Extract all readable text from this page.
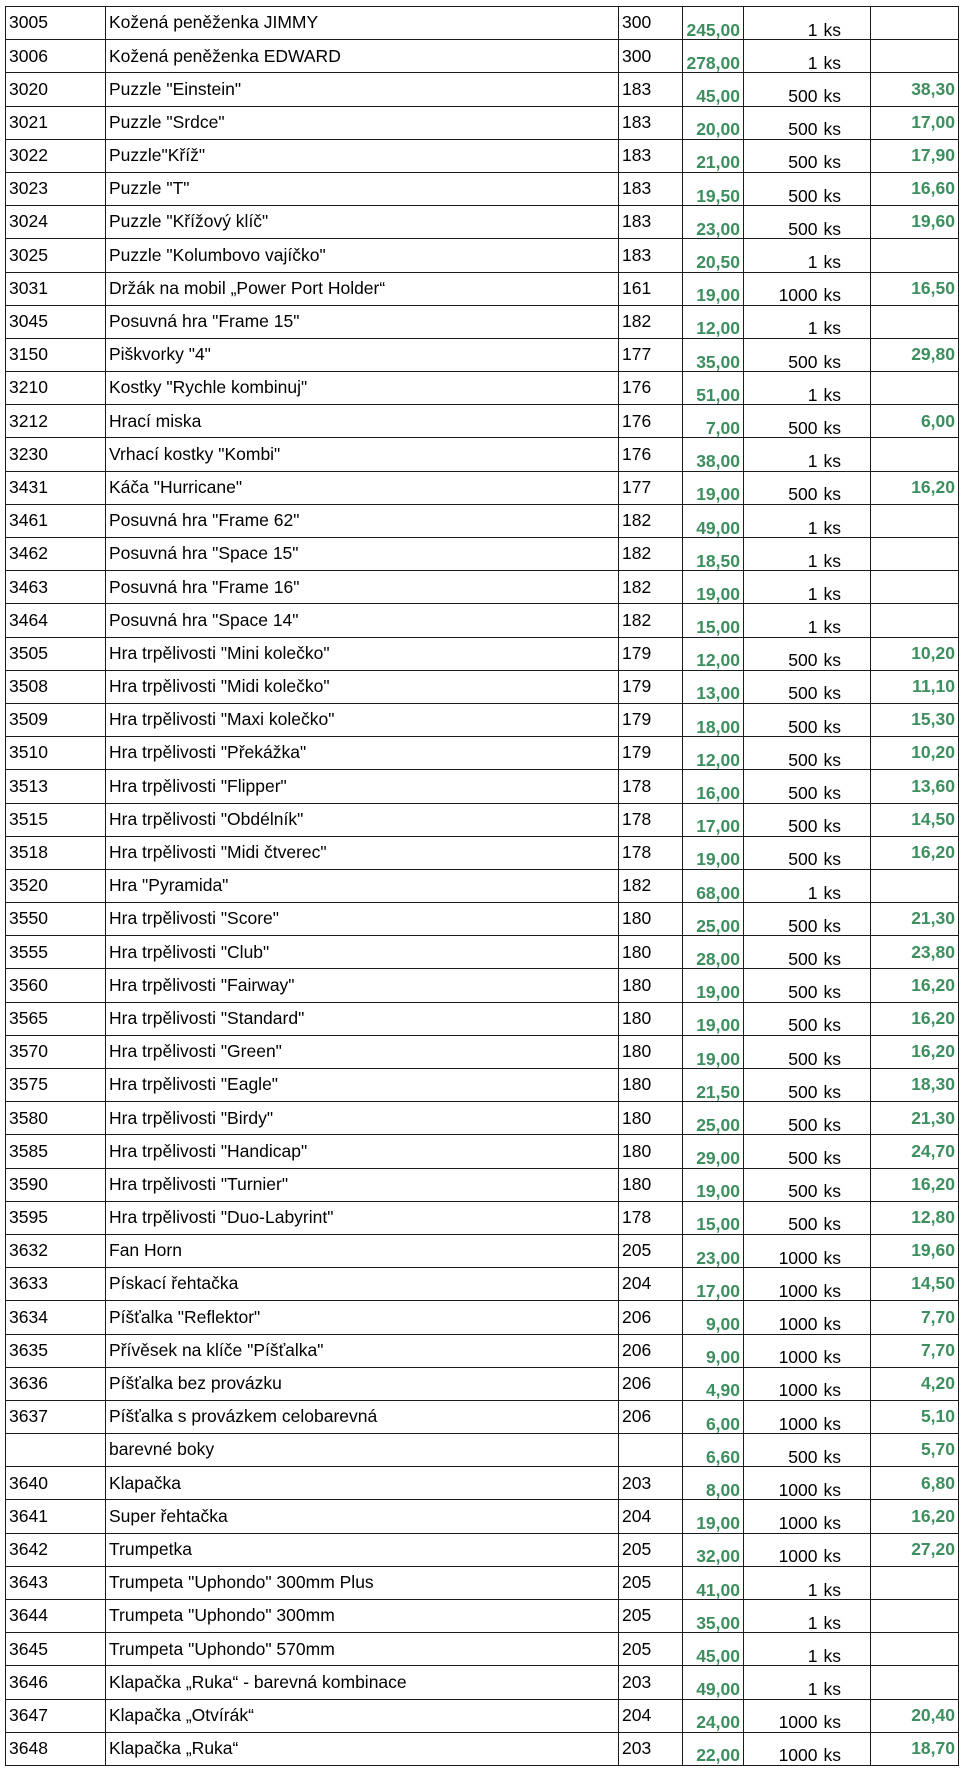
3005	Kožená peněženka JIMMY	300	245,00	1	ks	
3006	Kožená peněženka EDWARD	300	278,00	1	ks	
3020	Puzzle "Einstein"	183	45,00	500	ks	38,30
3021	Puzzle "Srdce"	183	20,00	500	ks	17,00
3022	Puzzle"Kříž"	183	21,00	500	ks	17,90
3023	Puzzle "T"	183	19,50	500	ks	16,60
3024	Puzzle "Křížový klíč"	183	23,00	500	ks	19,60
3025	Puzzle "Kolumbovo vajíčko"	183	20,50	1	ks	
3031	Držák na mobil „Power Port Holder“	161	19,00	1000	ks	16,50
3045	Posuvná hra "Frame 15"	182	12,00	1	ks	
3150	Piškvorky "4"	177	35,00	500	ks	29,80
3210	Kostky "Rychle kombinuj"	176	51,00	1	ks	
3212	Hrací miska	176	7,00	500	ks	6,00
3230	Vrhací kostky "Kombi"	176	38,00	1	ks	
3431	Káča "Hurricane"	177	19,00	500	ks	16,20
3461	Posuvná hra "Frame 62"	182	49,00	1	ks	
3462	Posuvná hra "Space 15"	182	18,50	1	ks	
3463	Posuvná hra "Frame 16"	182	19,00	1	ks	
3464	Posuvná hra "Space 14"	182	15,00	1	ks	
3505	Hra trpělivosti "Mini kolečko"	179	12,00	500	ks	10,20
3508	Hra trpělivosti "Midi kolečko"	179	13,00	500	ks	11,10
3509	Hra trpělivosti "Maxi kolečko"	179	18,00	500	ks	15,30
3510	Hra trpělivosti "Překážka"	179	12,00	500	ks	10,20
3513	Hra trpělivosti "Flipper"	178	16,00	500	ks	13,60
3515	Hra trpělivosti "Obdélník"	178	17,00	500	ks	14,50
3518	Hra trpělivosti "Midi čtverec"	178	19,00	500	ks	16,20
3520	Hra "Pyramida"	182	68,00	1	ks	
3550	Hra trpělivosti "Score"	180	25,00	500	ks	21,30
3555	Hra trpělivosti "Club"	180	28,00	500	ks	23,80
3560	Hra trpělivosti "Fairway"	180	19,00	500	ks	16,20
3565	Hra trpělivosti "Standard"	180	19,00	500	ks	16,20
3570	Hra trpělivosti "Green"	180	19,00	500	ks	16,20
3575	Hra trpělivosti "Eagle"	180	21,50	500	ks	18,30
3580	Hra trpělivosti "Birdy"	180	25,00	500	ks	21,30
3585	Hra trpělivosti "Handicap"	180	29,00	500	ks	24,70
3590	Hra trpělivosti "Turnier"	180	19,00	500	ks	16,20
3595	Hra trpělivosti "Duo-Labyrint"	178	15,00	500	ks	12,80
3632	Fan Horn	205	23,00	1000	ks	19,60
3633	Pískací řehtačka	204	17,00	1000	ks	14,50
3634	Píšťalka "Reflektor"	206	9,00	1000	ks	7,70
3635	Přívěsek na klíče "Píšťalka"	206	9,00	1000	ks	7,70
3636	Píšťalka bez provázku	206	4,90	1000	ks	4,20
3637	Píšťalka s provázkem celobarevná	206	6,00	1000	ks	5,10
	barevné boky		6,60	500	ks	5,70
3640	Klapačka	203	8,00	1000	ks	6,80
3641	Super řehtačka	204	19,00	1000	ks	16,20
3642	Trumpetka	205	32,00	1000	ks	27,20
3643	Trumpeta "Uphondo" 300mm Plus	205	41,00	1	ks	
3644	Trumpeta "Uphondo" 300mm	205	35,00	1	ks	
3645	Trumpeta "Uphondo" 570mm	205	45,00	1	ks	
3646	Klapačka „Ruka“ - barevná kombinace	203	49,00	1	ks	
3647	Klapačka „Otvírák“	204	24,00	1000	ks	20,40
3648	Klapačka „Ruka“	203	22,00	1000	ks	18,70
